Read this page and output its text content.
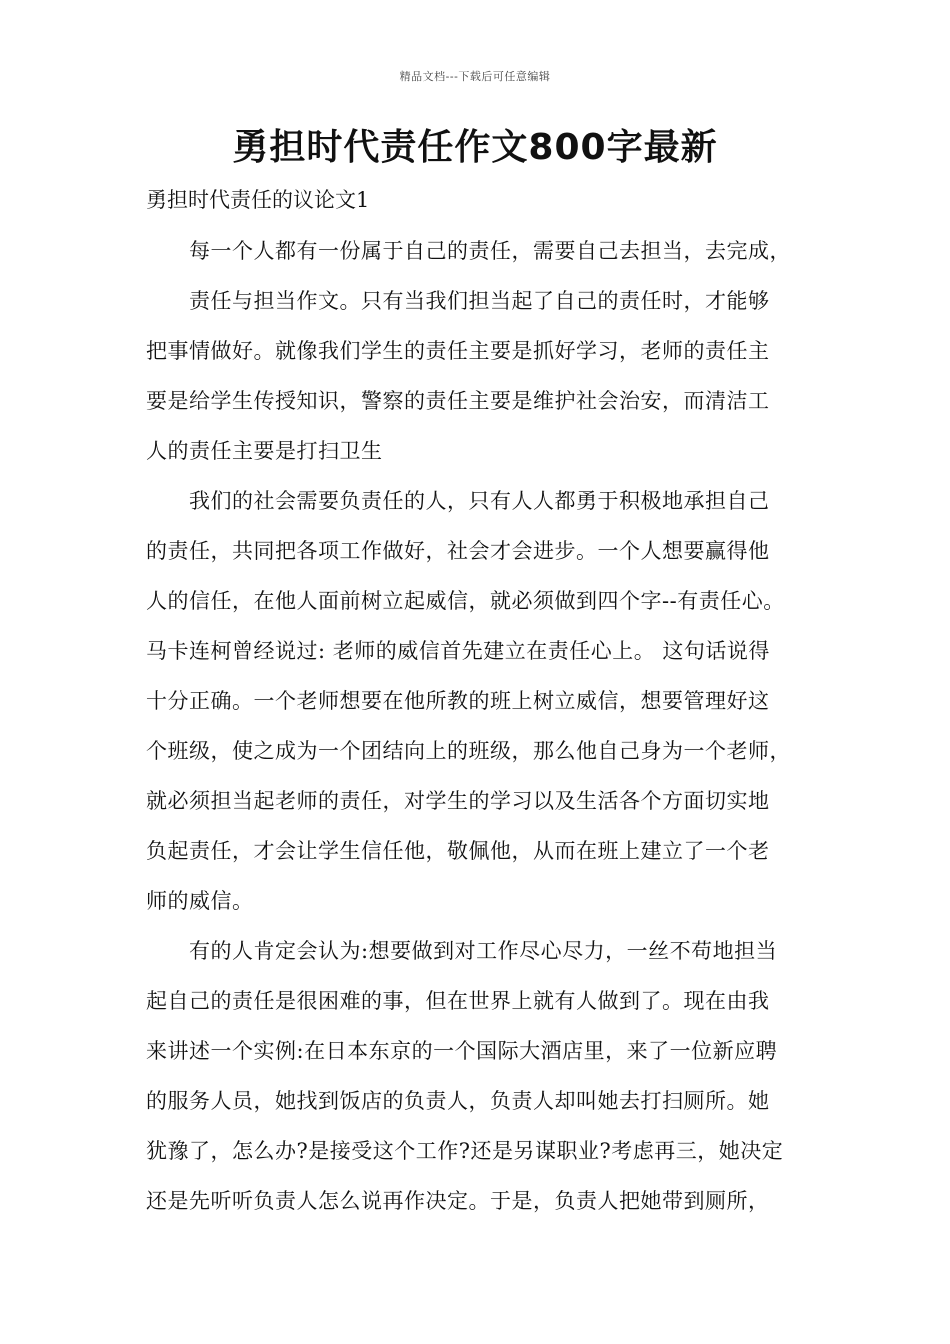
精品文档---下载后可任意编辑
勇担时代责任作文800字最新
勇担时代责任的议论文1

　　每一个人都有一份属于自己的责任，需要自己去担当，去完成，

　　责任与担当作文。只有当我们担当起了自己的责任时，才能够

把事情做好。就像我们学生的责任主要是抓好学习，老师的责任主

要是给学生传授知识，警察的责任主要是维护社会治安，而清洁工

人的责任主要是打扫卫生

　　我们的社会需要负责任的人，只有人人都勇于积极地承担自己

的责任，共同把各项工作做好，社会才会进步。一个人想要赢得他

人的信任，在他人面前树立起威信，就必须做到四个字--有责任心。

马卡连柯曾经说过: 老师的威信首先建立在责任心上。 这句话说得

十分正确。一个老师想要在他所教的班上树立威信，想要管理好这

个班级，使之成为一个团结向上的班级，那么他自己身为一个老师，

就必须担当起老师的责任，对学生的学习以及生活各个方面切实地

负起责任，才会让学生信任他，敬佩他，从而在班上建立了一个老

师的威信。

　　有的人肯定会认为:想要做到对工作尽心尽力，一丝不苟地担当

起自己的责任是很困难的事，但在世界上就有人做到了。现在由我

来讲述一个实例:在日本东京的一个国际大酒店里，来了一位新应聘

的服务人员，她找到饭店的负责人，负责人却叫她去打扫厕所。她

犹豫了，怎么办?是接受这个工作?还是另谋职业?考虑再三，她决定

还是先听听负责人怎么说再作决定。于是，负责人把她带到厕所，
